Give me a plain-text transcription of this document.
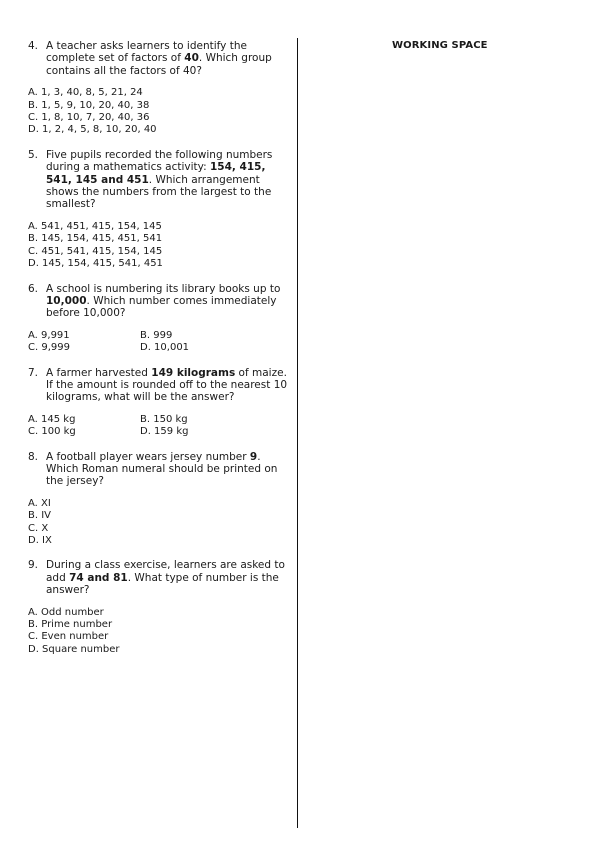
4. A teacher asks learners to identify the complete set of factors of 40. Which group contains all the factors of 40?
A. 1, 3, 40, 8, 5, 21, 24
B. 1, 5, 9, 10, 20, 40, 38
C. 1, 8, 10, 7, 20, 40, 36
D. 1, 2, 4, 5, 8, 10, 20, 40
5. Five pupils recorded the following numbers during a mathematics activity: 154, 415, 541, 145 and 451. Which arrangement shows the numbers from the largest to the smallest?
A. 541, 451, 415, 154, 145
B. 145, 154, 415, 451, 541
C. 451, 541, 415, 154, 145
D. 145, 154, 415, 541, 451
6. A school is numbering its library books up to 10,000. Which number comes immediately before 10,000?
A. 9,991	B. 999
C. 9,999	D. 10,001
7. A farmer harvested 149 kilograms of maize. If the amount is rounded off to the nearest 10 kilograms, what will be the answer?
A. 145 kg	B. 150 kg
C. 100 kg	D. 159 kg
8. A football player wears jersey number 9. Which Roman numeral should be printed on the jersey?
A. XI
B. IV
C. X
D. IX
9. During a class exercise, learners are asked to add 74 and 81. What type of number is the answer?
A. Odd number
B. Prime number
C. Even number
D. Square number
WORKING SPACE
